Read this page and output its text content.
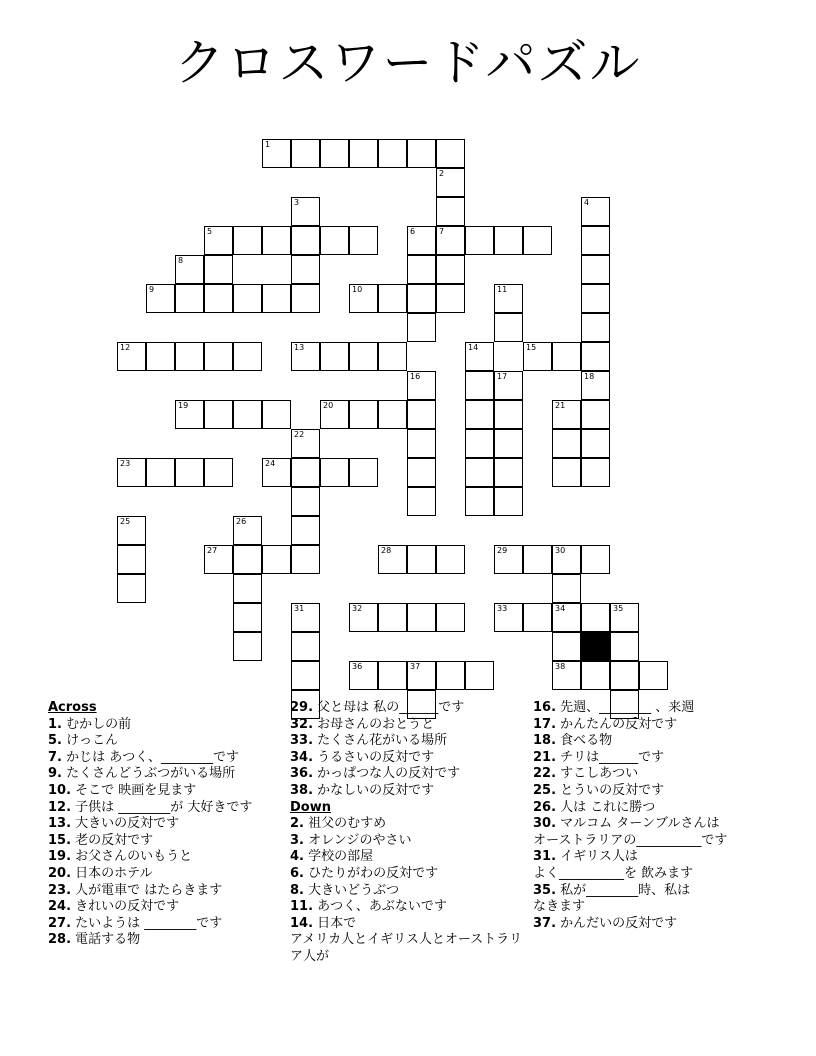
クロスワードパズル
1
2
3	4
5	6	7
8
9	10	11
12	13	14	15
16	17	18
19	20	21
22
23	24
25	26
27	28	29	30
31	32	33	34	35
36	37	38
Across
1. むかしの前
5. けっこん
7. かじは あつく、________です
9. たくさんどうぶつがいる場所
10. そこで 映画を見ます
12. 子供は ________が 大好きです
13. 大きいの反対です
15. 老の反対です
19. お父さんのいもうと
20. 日本のホテル
23. 人が電車で はたらきます
24. きれいの反対です
27. たいようは ________です
28. 電話する物
29. 父と母は 私の______です
32. お母さんのおとうと
33. たくさん花がいる場所
34. うるさいの反対です
36. かっぱつな人の反対です
38. かなしいの反対です
Down
2. 祖父のむすめ
3. オレンジのやさい
4. 学校の部屋
6. ひたりがわの反対です
8. 大きいどうぶつ
11. あつく、あぶないです
14. 日本で
アメリカ人とイギリス人とオーストラリア人が
16. 先週、________ 、来週
17. かんたんの反対です
18. 食べる物
21. チリは______です
22. すこしあつい
25. とういの反対です
26. 人は これに勝つ
30. マルコム ターンブルさんは
オーストラリアの__________です
31. イギリス人は
よく__________を 飲みます
35. 私が________時、私は
なきます
37. かんだいの反対です
